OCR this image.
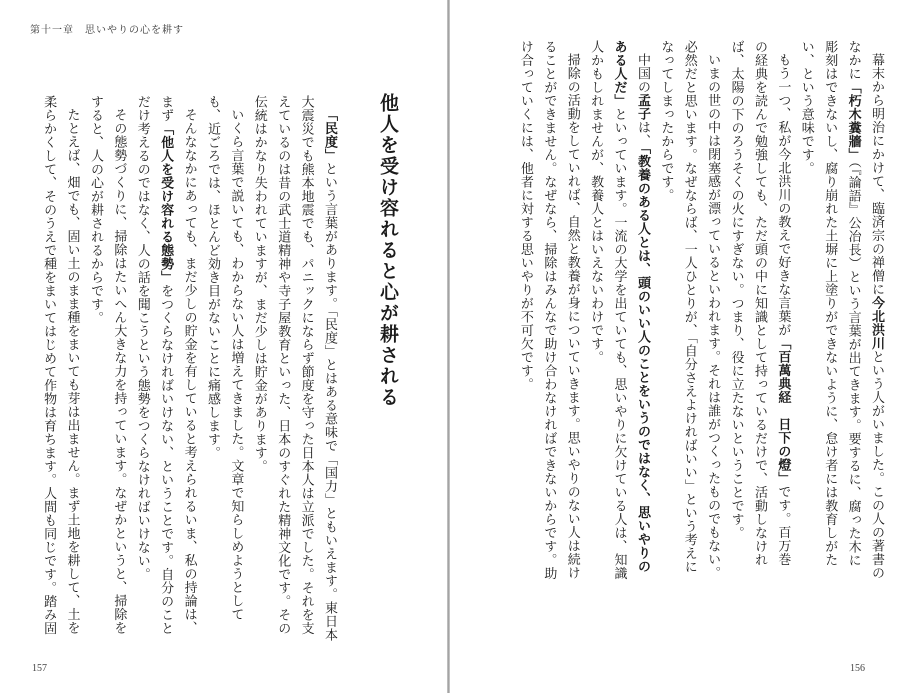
第十一章　思いやりの心を耕す
他人を受け容れると心が耕される

　「民度」という言葉があります。「民度」とはある意味で「国力」ともいえます。東日本

大震災でも熊本地震でも、パニックにならず節度を守った日本人は立派でした。それを支

えているのは昔の武士道精神や寺子屋教育といった、日本のすぐれた精神文化です。その

伝統はかなり失われていますが、まだ少しは貯金があります。

　いくら言葉で説いても、わからない人は増えてきました。文章で知らしめようとして

も、近ごろでは、ほとんど効き目がないことに痛感します。

　そんななかにあっても、まだ少しの貯金を有していると考えられるいま、私の持論は、

まず「他人を受け容れる態勢」をつくらなければいけない、ということです。自分のこと

だけ考えるのではなく、人の話を聞こうという態勢をつくらなければいけない。

　その態勢づくりに、掃除はたいへん大きな力を持っています。なぜかというと、掃除を

すると、人の心が耕されるからです。

　たとえば、畑でも、固い土のまま種をまいても芽は出ません。まず土地を耕して、土を

柔らかくして、そのうえで種をまいてはじめて作物は育ちます。人間も同じです。踏み固

157

　幕末から明治にかけて、臨済宗の禅僧に今北洪川という人がいました。この人の著書の

なかに「朽木糞牆」（『論語』公冶長）という言葉が出てきます。要するに、腐った木に

彫刻はできないし、腐り崩れた土塀に上塗りができないように、怠け者には教育しがた

い、という意味です。

　もう一つ、私が今北洪川の教えで好きな言葉が「百萬典経　日下の燈」です。百万巻

の経典を読んで勉強しても、ただ頭の中に知識として持っているだけで、活動しなけれ

ば、太陽の下のろうそくの火にすぎない。つまり、役に立たないということです。

　いまの世の中は閉塞感が漂っているといわれます。それは誰がつくったものでもない。

必然だと思います。なぜならば、一人ひとりが、「自分さえよければいい」という考えに

なってしまったからです。

　中国の孟子は、「教養のある人とは、頭のいい人のことをいうのではなく、思いやりの

ある人だ」といっています。一流の大学を出ていても、思いやりに欠けている人は、知識

人かもしれませんが、教養人とはいえないわけです。

　掃除の活動をしていれば、自然と教養が身についていきます。思いやりのない人は続け

ることができません。なぜなら、掃除はみんなで助け合わなければできないからです。助

け合っていくには、他者に対する思いやりが不可欠です。

156
